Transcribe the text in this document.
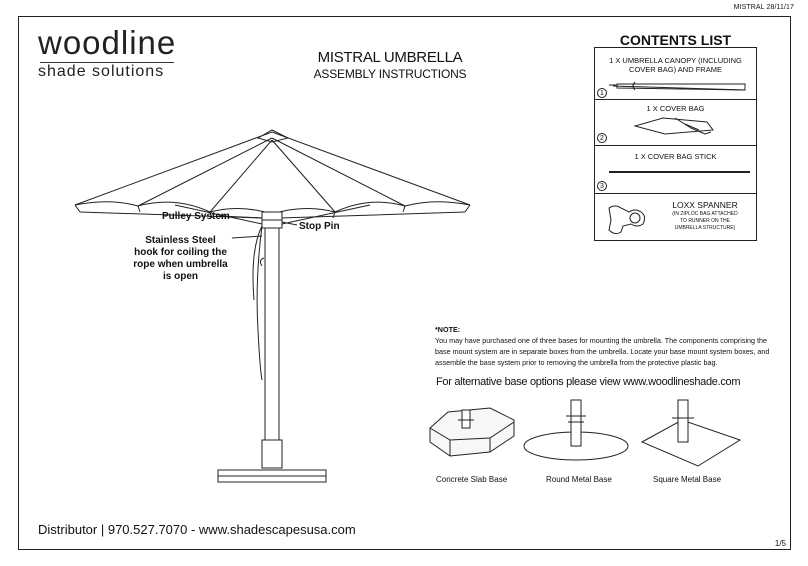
MISTRAL 28/11/17
woodline
shade solutions
MISTRAL UMBRELLA
ASSEMBLY INSTRUCTIONS
Pulley System
Stop Pin
Stainless Steel
hook for coiling the
rope when umbrella
is open
CONTENTS LIST
1 X UMBRELLA CANOPY (INCLUDING COVER BAG) AND FRAME
1
1 X COVER BAG
2
1 X COVER BAG STICK
3
LOXX SPANNER
(IN ZIPLOC BAG ATTACHED
TO RUNNER ON THE
UMBRELLA STRUCTURE)
*NOTE:
You may have purchased one of three bases for mounting the umbrella. The components comprising the base mount system are in separate boxes from the umbrella. Locate your base mount system boxes, and assemble the base system prior to removing the umbrella from the protective plastic bag.
For alternative base options please view www.woodlineshade.com
Concrete Slab Base	Round Metal Base	Square Metal Base
Distributor | 970.527.7070 - www.shadescapesusa.com
1/5
